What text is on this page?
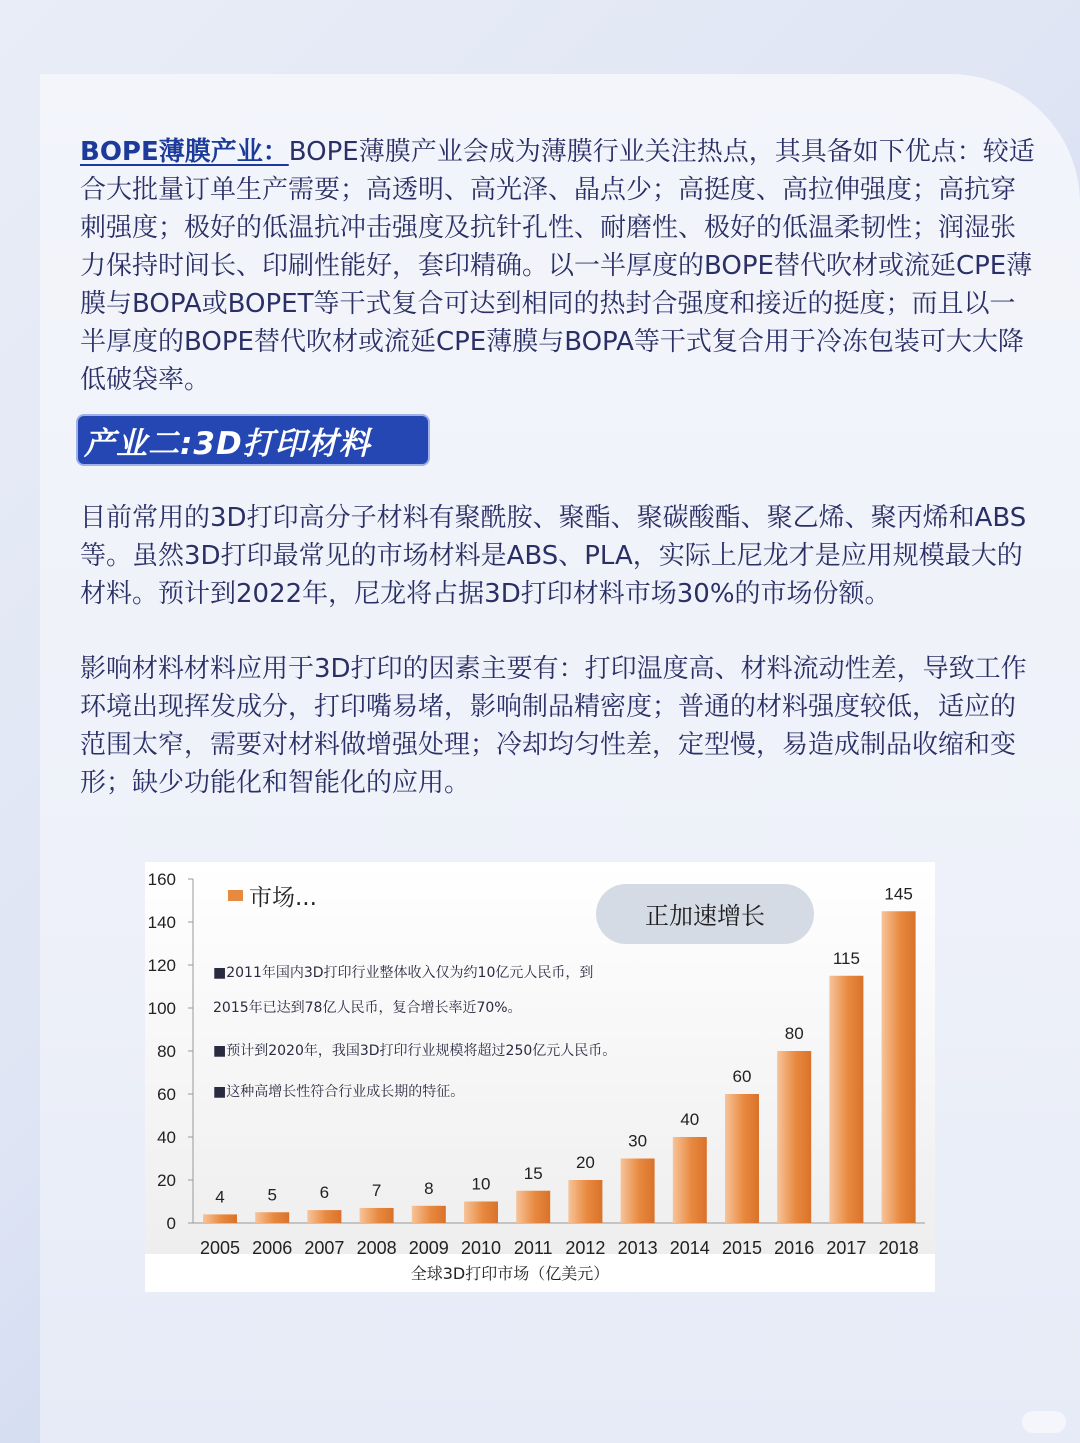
BOPE薄膜产业：BOPE薄膜产业会成为薄膜行业关注热点，其具备如下优点：较适合大批量订单生产需要；高透明、高光泽、晶点少；高挺度、高拉伸强度；高抗穿刺强度；极好的低温抗冲击强度及抗针孔性、耐磨性、极好的低温柔韧性；润湿张力保持时间长、印刷性能好，套印精确。以一半厚度的BOPE替代吹材或流延CPE薄膜与BOPA或BOPET等干式复合可达到相同的热封合强度和接近的挺度；而且以一半厚度的BOPE替代吹材或流延CPE薄膜与BOPA等干式复合用于冷冻包装可大大降低破袋率。

产业二:3D打印材料

目前常用的3D打印高分子材料有聚酰胺、聚酯、聚碳酸酯、聚乙烯、聚丙烯和ABS等。虽然3D打印最常见的市场材料是ABS、PLA，实际上尼龙才是应用规模最大的材料。预计到2022年，尼龙将占据3D打印材料市场30%的市场份额。

影响材料材料应用于3D打印的因素主要有：打印温度高、材料流动性差，导致工作环境出现挥发成分，打印嘴易堵，影响制品精密度；普通的材料强度较低，适应的范围太窄，需要对材料做增强处理；冷却均匀性差，定型慢，易造成制品收缩和变形；缺少功能化和智能化的应用。

0
20
40
60
80
100
120
140
160
4
2005
5
2006
6
2007
7
2008
8
2009
10
2010
15
2011
20
2012
30
2013
40
2014
60
2015
80
2016
115
2017
145
2018
市场...
正加速增长
■2011年国内3D打印行业整体收入仅为约10亿元人民币，到
2015年已达到78亿人民币，复合增长率近70%。
■预计到2020年，我国3D打印行业规模将超过250亿元人民币。
■这种高增长性符合行业成长期的特征。
全球3D打印市场（亿美元）
